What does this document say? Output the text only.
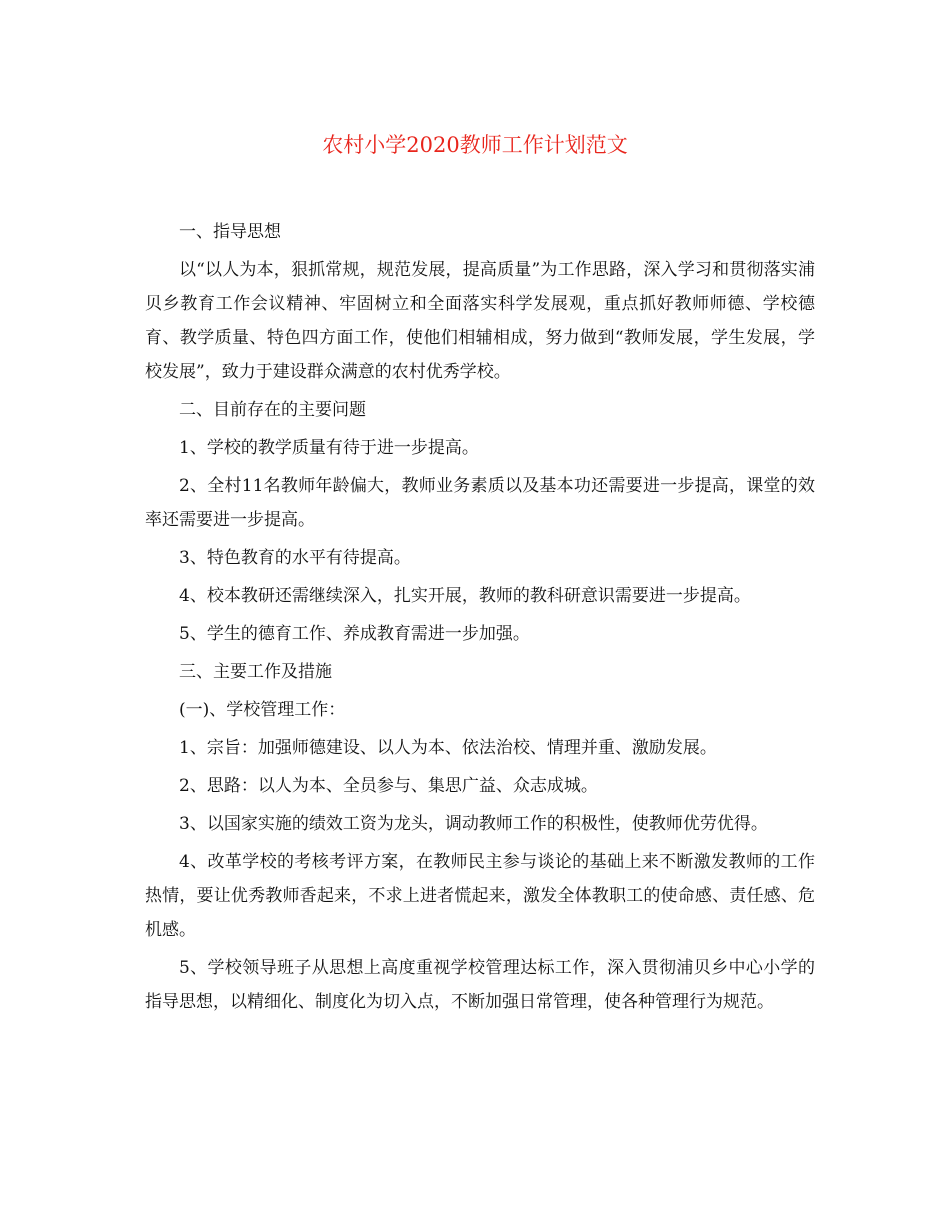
农村小学2020教师工作计划范文

一、指导思想

以“以人为本，狠抓常规，规范发展，提高质量”为工作思路，深入学习和贯彻落实浦贝乡教育工作会议精神、牢固树立和全面落实科学发展观，重点抓好教师师德、学校德育、教学质量、特色四方面工作，使他们相辅相成，努力做到“教师发展，学生发展，学校发展”，致力于建设群众满意的农村优秀学校。

二、目前存在的主要问题

1、学校的教学质量有待于进一步提高。

2、全村11名教师年龄偏大，教师业务素质以及基本功还需要进一步提高，课堂的效率还需要进一步提高。

3、特色教育的水平有待提高。

4、校本教研还需继续深入，扎实开展，教师的教科研意识需要进一步提高。

5、学生的德育工作、养成教育需进一步加强。

三、主要工作及措施

(一)、学校管理工作：

1、宗旨：加强师德建设、以人为本、依法治校、情理并重、激励发展。

2、思路：以人为本、全员参与、集思广益、众志成城。

3、以国家实施的绩效工资为龙头，调动教师工作的积极性，使教师优劳优得。

4、改革学校的考核考评方案，在教师民主参与谈论的基础上来不断激发教师的工作热情，要让优秀教师香起来，不求上进者慌起来，激发全体教职工的使命感、责任感、危机感。

5、学校领导班子从思想上高度重视学校管理达标工作，深入贯彻浦贝乡中心小学的指导思想，以精细化、制度化为切入点，不断加强日常管理，使各种管理行为规范。
